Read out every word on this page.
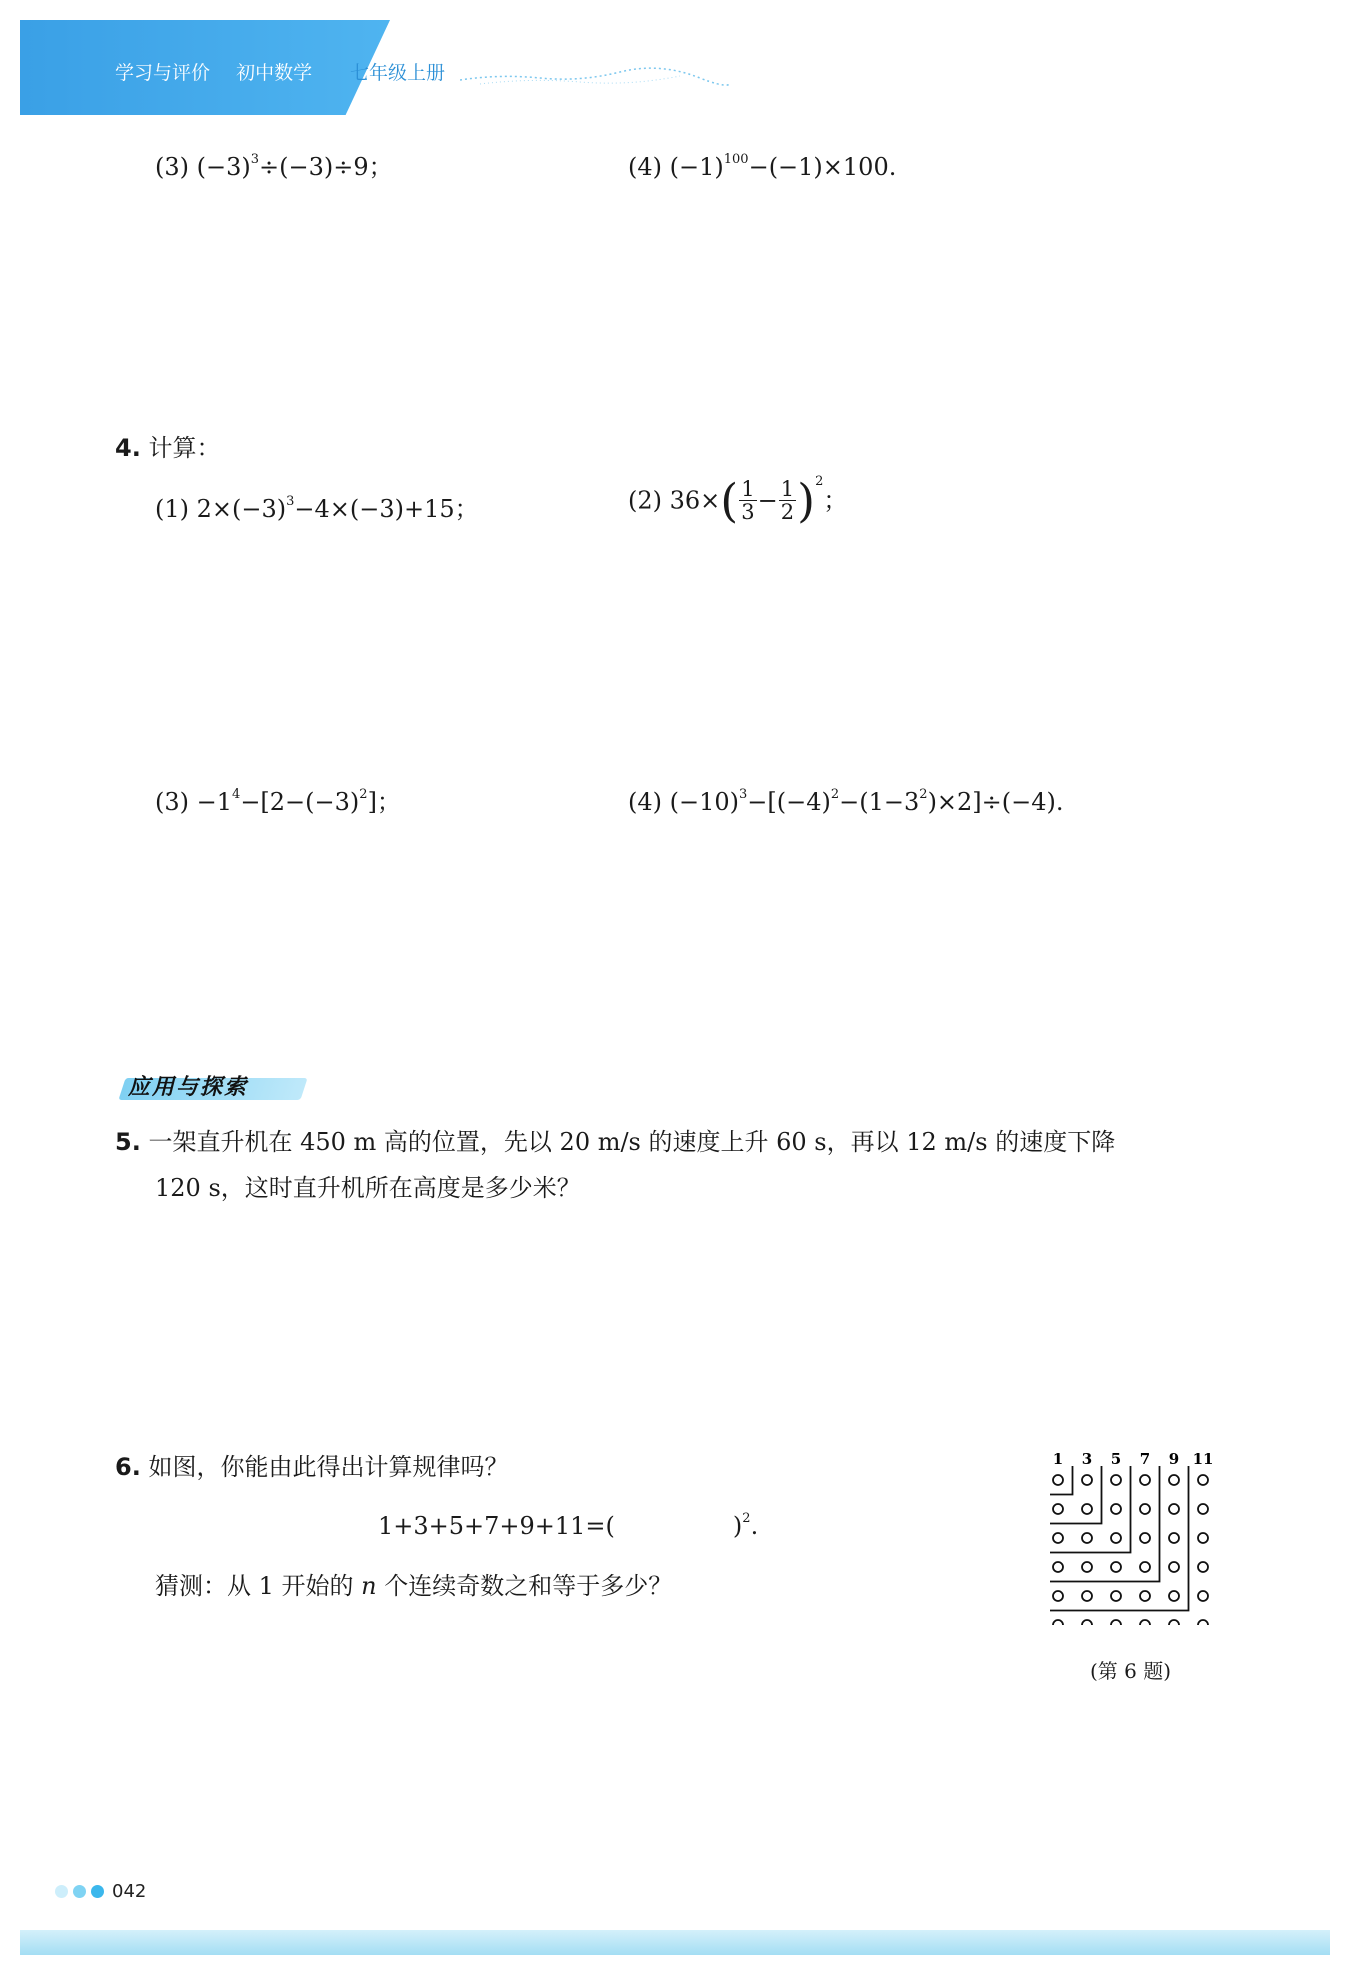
学习与评价 初中数学	七年级上册
(3) $(-3)^3\div(-3)\div 9$；	(4) $(-1)^{100}-(-1)\times 100$.
4. 计算：
(1) $2\times(-3)^3-4\times(-3)+15$；	(2) $36\times( \frac{1}{3} - \frac{1}{2} )^2$；
$(3) -1^4-[2-(-3)^2]$；	(4) $(-10)^3-[(-4)^2-(1-3^2)\times 2]\div(-4)$.
应用与探索
5. 一架直升机在 450 m 高的位置，先以 20 m/s 的速度上升 60 s，再以 12 m/s 的速度下降
120 s，这时直升机所在高度是多少米？
6. 如图，你能由此得出计算规律吗？
1+3+5+7+9+11=(	)$^2$.
猜测：从 1 开始的 n 个连续奇数之和等于多少？
1 3 5 7 9 11
(第 6 题)
042
